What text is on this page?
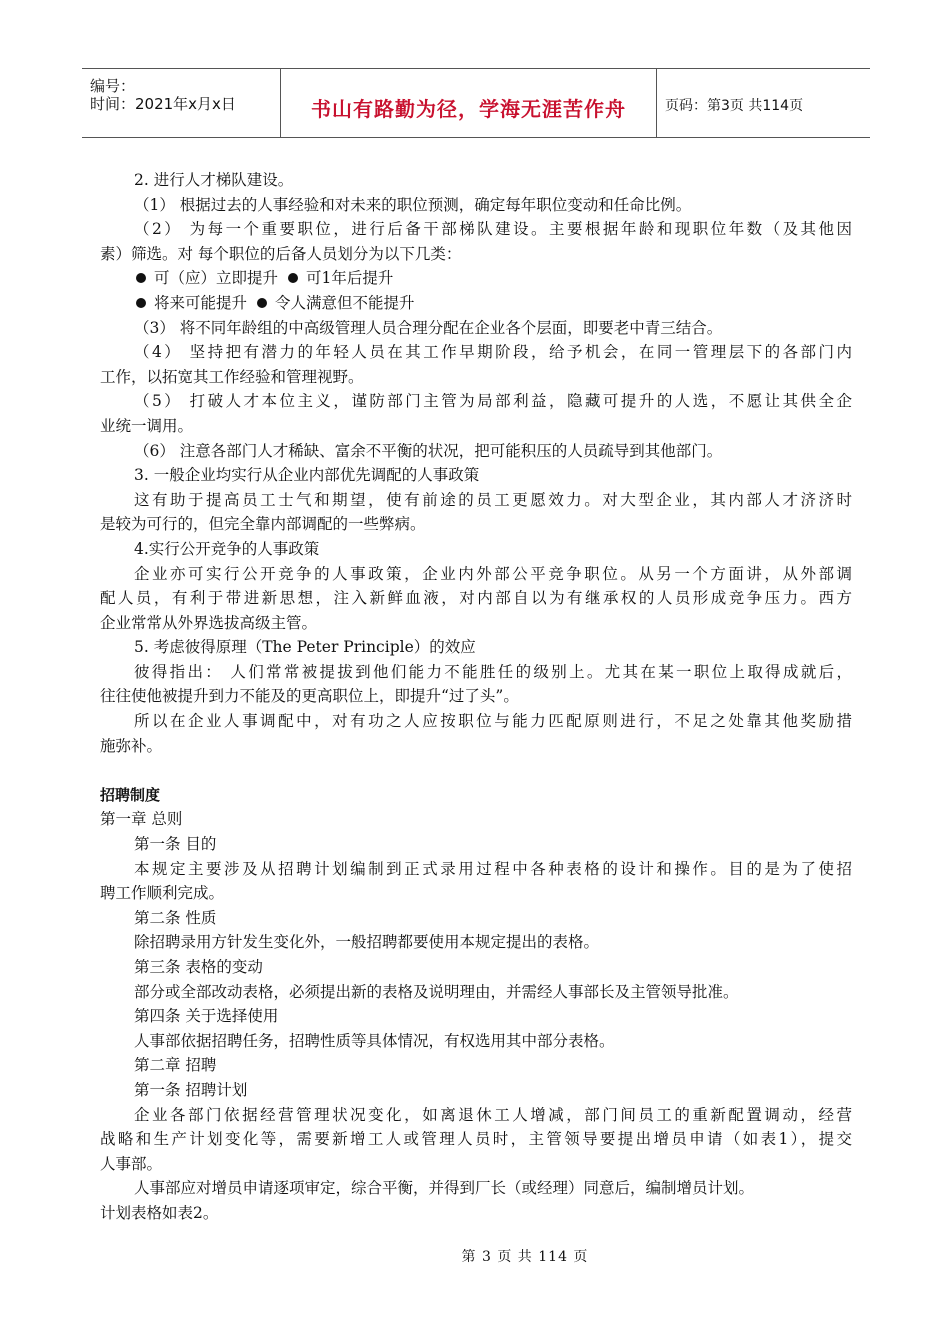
编号：
时间：2021年x月x日	书山有路勤为径，学海无涯苦作舟	页码：第3页 共114页
2. 进行人才梯队建设。
（1） 根据过去的人事经验和对未来的职位预测，确定每年职位变动和任命比例。
（2） 为每一个重要职位，进行后备干部梯队建设。主要根据年龄和现职位年数（及其他因
素）筛选。对 每个职位的后备人员划分为以下几类：
可（应）立即提升 可1年后提升
将来可能提升 令人满意但不能提升
（3） 将不同年龄组的中高级管理人员合理分配在企业各个层面，即要老中青三结合。
（4） 坚持把有潜力的年轻人员在其工作早期阶段，给予机会，在同一管理层下的各部门内
工作，以拓宽其工作经验和管理视野。
（5） 打破人才本位主义，谨防部门主管为局部利益，隐藏可提升的人选，不愿让其供全企
业统一调用。
（6） 注意各部门人才稀缺、富余不平衡的状况，把可能积压的人员疏导到其他部门。
3. 一般企业均实行从企业内部优先调配的人事政策
这有助于提高员工士气和期望，使有前途的员工更愿效力。对大型企业，其内部人才济济时
是较为可行的，但完全靠内部调配的一些弊病。
4.实行公开竞争的人事政策
企业亦可实行公开竞争的人事政策，企业内外部公平竞争职位。从另一个方面讲，从外部调
配人员，有利于带进新思想，注入新鲜血液，对内部自以为有继承权的人员形成竞争压力。西方
企业常常从外界选拔高级主管。
5. 考虑彼得原理（The Peter Principle）的效应
彼得指出： 人们常常被提拔到他们能力不能胜任的级别上。尤其在某一职位上取得成就后，
往往使他被提升到力不能及的更高职位上，即提升“过了头”。
所以在企业人事调配中，对有功之人应按职位与能力匹配原则进行，不足之处靠其他奖励措
施弥补。
招聘制度
第一章 总则
第一条 目的
本规定主要涉及从招聘计划编制到正式录用过程中各种表格的设计和操作。目的是为了使招
聘工作顺利完成。
第二条 性质
除招聘录用方针发生变化外，一般招聘都要使用本规定提出的表格。
第三条 表格的变动
部分或全部改动表格，必须提出新的表格及说明理由，并需经人事部长及主管领导批准。
第四条 关于选择使用
人事部依据招聘任务，招聘性质等具体情况，有权选用其中部分表格。
第二章 招聘
第一条 招聘计划
企业各部门依据经营管理状况变化，如离退休工人增减，部门间员工的重新配置调动，经营
战略和生产计划变化等，需要新增工人或管理人员时，主管领导要提出增员申请（如表1），提交
人事部。
人事部应对增员申请逐项审定，综合平衡，并得到厂长（或经理）同意后，编制增员计划。
计划表格如表2。
第 3 页 共 114 页
